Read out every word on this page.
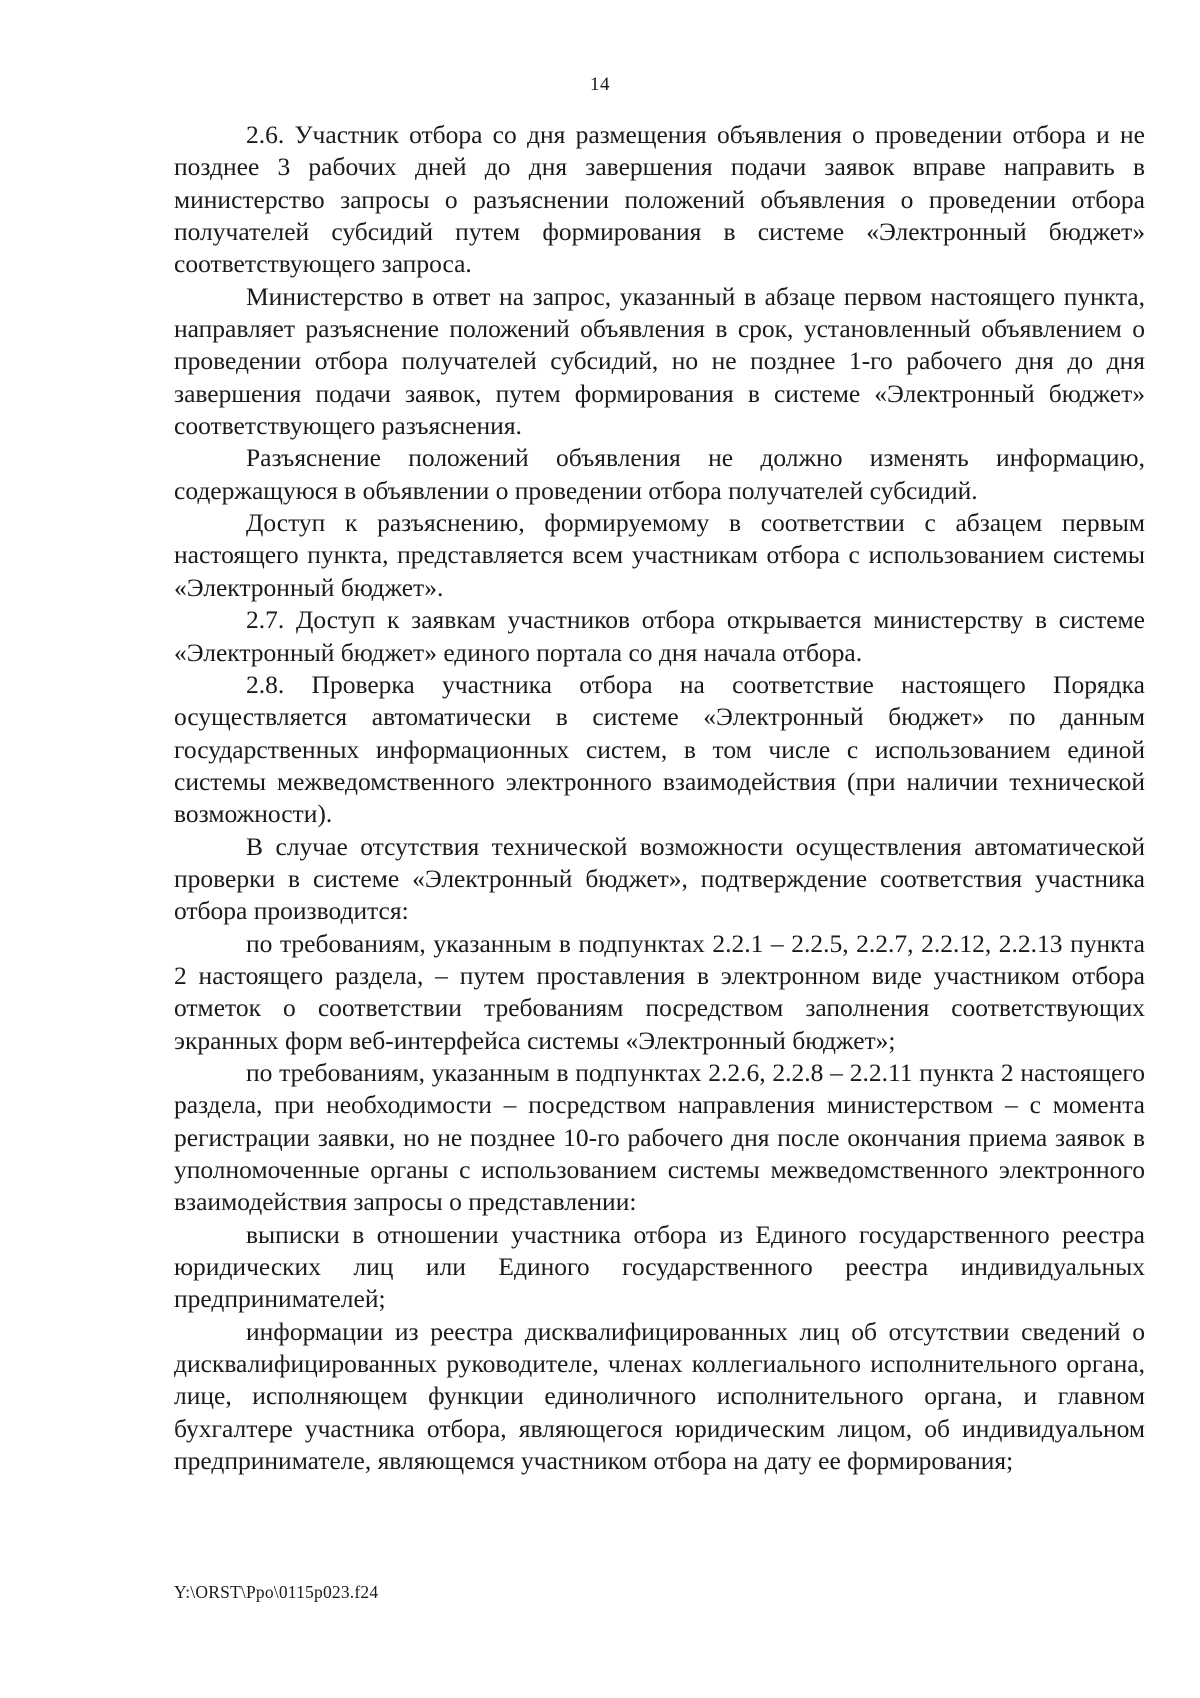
14

2.6. Участник отбора со дня размещения объявления о проведении отбора и не позднее 3 рабочих дней до дня завершения подачи заявок вправе направить в министерство запросы о разъяснении положений объявления о проведении отбора получателей субсидий путем формирования в системе «Электронный бюджет» соответствующего запроса.

Министерство в ответ на запрос, указанный в абзаце первом настоящего пункта, направляет разъяснение положений объявления в срок, установленный объявлением о проведении отбора получателей субсидий, но не позднее 1-го рабочего дня до дня завершения подачи заявок, путем формирования в системе «Электронный бюджет» соответствующего разъяснения.

Разъяснение положений объявления не должно изменять информацию, содержащуюся в объявлении о проведении отбора получателей субсидий.

Доступ к разъяснению, формируемому в соответствии с абзацем первым настоящего пункта, представляется всем участникам отбора с использованием системы «Электронный бюджет».

2.7. Доступ к заявкам участников отбора открывается министерству в системе «Электронный бюджет» единого портала со дня начала отбора.

2.8. Проверка участника отбора на соответствие настоящего Порядка осуществляется автоматически в системе «Электронный бюджет» по данным государственных информационных систем, в том числе с использованием единой системы межведомственного электронного взаимодействия (при наличии технической возможности).

В случае отсутствия технической возможности осуществления автоматической проверки в системе «Электронный бюджет», подтверждение соответствия участника отбора производится:

по требованиям, указанным в подпунктах 2.2.1 – 2.2.5, 2.2.7, 2.2.12, 2.2.13 пункта 2 настоящего раздела, – путем проставления в электронном виде участником отбора отметок о соответствии требованиям посредством заполнения соответствующих экранных форм веб-интерфейса системы «Электронный бюджет»;

по требованиям, указанным в подпунктах 2.2.6, 2.2.8 – 2.2.11 пункта 2 настоящего раздела, при необходимости – посредством направления министерством – с момента регистрации заявки, но не позднее 10-го рабочего дня после окончания приема заявок в уполномоченные органы с использованием системы межведомственного электронного взаимодействия запросы о представлении:

выписки в отношении участника отбора из Единого государственного реестра юридических лиц или Единого государственного реестра индивидуальных предпринимателей;

информации из реестра дисквалифицированных лиц об отсутствии сведений о дисквалифицированных руководителе, членах коллегиального исполнительного органа, лице, исполняющем функции единоличного исполнительного органа, и главном бухгалтере участника отбора, являющегося юридическим лицом, об индивидуальном предпринимателе, являющемся участником отбора на дату ее формирования;

Y:\ORST\Ppo\0115p023.f24
